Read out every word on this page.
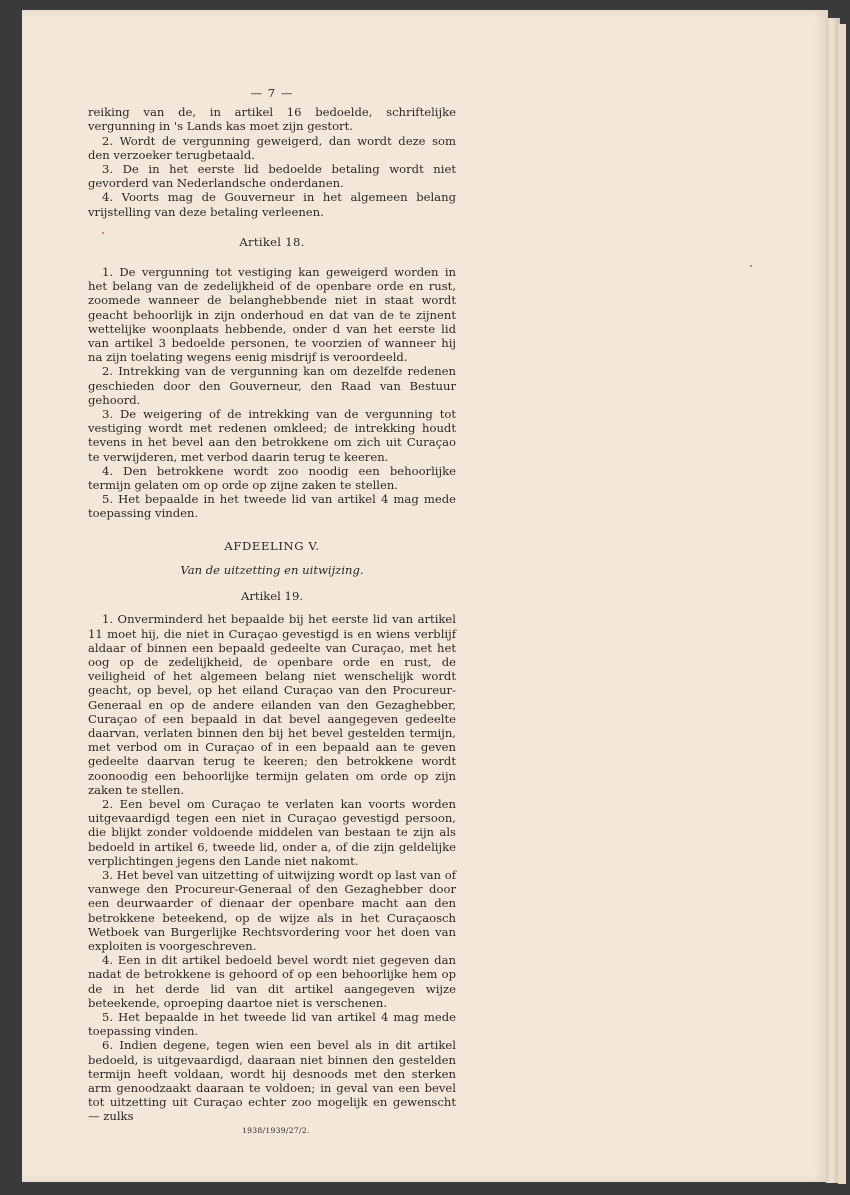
— 7 —

reiking van de, in artikel 16 bedoelde, schriftelijke vergunning in 's Lands kas moet zijn gestort.

2. Wordt de vergunning geweigerd, dan wordt deze som den verzoeker terugbetaald.

3. De in het eerste lid bedoelde betaling wordt niet gevorderd van Nederlandsche onderdanen.

4. Voorts mag de Gouverneur in het algemeen belang vrijstelling van deze betaling verleenen.

Artikel 18.

1. De vergunning tot vestiging kan geweigerd worden in het belang van de zedelijkheid of de openbare orde en rust, zoomede wanneer de belanghebbende niet in staat wordt geacht behoorlijk in zijn onderhoud en dat van de te zijnent wettelijke woonplaats hebbende, onder d van het eerste lid van artikel 3 bedoelde personen, te voorzien of wanneer hij na zijn toelating wegens eenig misdrijf is veroordeeld.

2. Intrekking van de vergunning kan om dezelfde redenen geschieden door den Gouverneur, den Raad van Bestuur gehoord.

3. De weigering of de intrekking van de vergunning tot vestiging wordt met redenen omkleed; de intrekking houdt tevens in het bevel aan den betrokkene om zich uit Curaçao te verwijderen, met verbod daarin terug te keeren.

4. Den betrokkene wordt zoo noodig een behoorlijke termijn gelaten om op orde op zijne zaken te stellen.

5. Het bepaalde in het tweede lid van artikel 4 mag mede toepassing vinden.

AFDEELING V.
Van de uitzetting en uitwijzing.
Artikel 19.

1. Onverminderd het bepaalde bij het eerste lid van artikel 11 moet hij, die niet in Curaçao gevestigd is en wiens verblijf aldaar of binnen een bepaald gedeelte van Curaçao, met het oog op de zedelijkheid, de openbare orde en rust, de veiligheid of het algemeen belang niet wenschelijk wordt geacht, op bevel, op het eiland Curaçao van den Procureur-Generaal en op de andere eilanden van den Gezaghebber, Curaçao of een bepaald in dat bevel aangegeven gedeelte daarvan, verlaten binnen den bij het bevel gestelden termijn, met verbod om in Curaçao of in een bepaald aan te geven gedeelte daarvan terug te keeren; den betrokkene wordt zoonoodig een behoorlijke termijn gelaten om orde op zijn zaken te stellen.

2. Een bevel om Curaçao te verlaten kan voorts worden uitgevaardigd tegen een niet in Curaçao gevestigd persoon, die blijkt zonder voldoende middelen van bestaan te zijn als bedoeld in artikel 6, tweede lid, onder a, of die zijn geldelijke verplichtingen jegens den Lande niet nakomt.

3. Het bevel van uitzetting of uitwijzing wordt op last van of vanwege den Procureur-Generaal of den Gezaghebber door een deurwaarder of dienaar der openbare macht aan den betrokkene beteekend, op de wijze als in het Curaçaosch Wetboek van Burgerlijke Rechtsvordering voor het doen van exploiten is voorgeschreven.

4. Een in dit artikel bedoeld bevel wordt niet gegeven dan nadat de betrokkene is gehoord of op een behoorlijke hem op de in het derde lid van dit artikel aangegeven wijze beteekende, oproeping daartoe niet is verschenen.

5. Het bepaalde in het tweede lid van artikel 4 mag mede toepassing vinden.

6. Indien degene, tegen wien een bevel als in dit artikel bedoeld, is uitgevaardigd, daaraan niet binnen den gestelden termijn heeft voldaan, wordt hij desnoods met den sterken arm genoodzaakt daaraan te voldoen; in geval van een bevel tot uitzetting uit Curaçao echter zoo mogelijk en gewenscht — zulks

1938/1939/27/2.
